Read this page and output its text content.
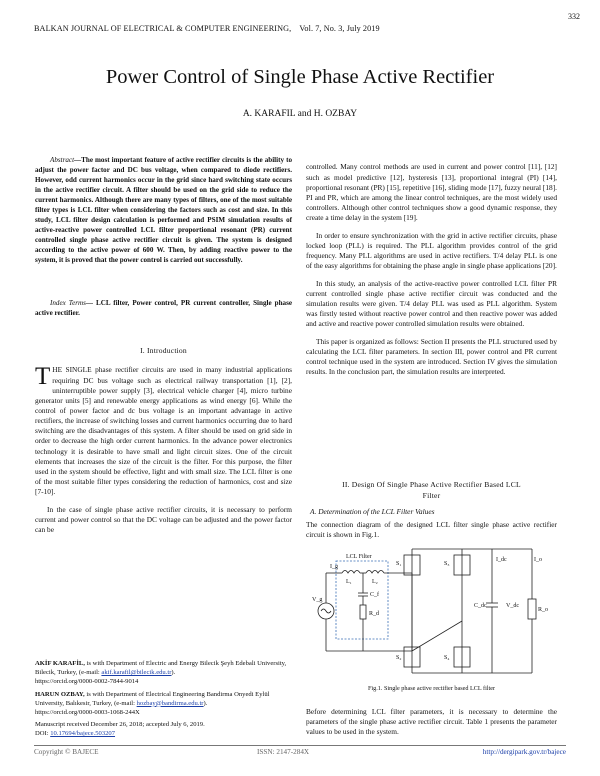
332
BALKAN JOURNAL OF ELECTRICAL & COMPUTER ENGINEERING, Vol. 7, No. 3, July 2019
Power Control of Single Phase Active Rectifier
A. KARAFIL and H. OZBAY
Abstract—The most important feature of active rectifier circuits is the ability to adjust the power factor and DC bus voltage, when compared to diode rectifiers. However, odd current harmonics occur in the grid since hard switching state occurs in the active rectifier circuit. A filter should be used on the grid side to reduce the current harmonics. Although there are many types of filters, one of the most suitable filter types is LCL filter when considering the factors such as cost and size. In this study, LCL filter design calculation is performed and PSIM simulation results of active-reactive power controlled LCL filter proportional resonant (PR) current controlled single phase active rectifier circuit is given. The system is designed according to the active power of 600 W. Then, by adding reactive power to the system, it is proved that the power control is carried out successfully.
Index Terms— LCL filter, Power control, PR current controller, Single phase active rectifier.
I. Introduction

THE SINGLE phase rectifier circuits are used in many industrial applications requiring DC bus voltage such as electrical railway transportation [1], [2], uninterruptible power supply [3], electrical vehicle charger [4], micro turbine generator units [5] and renewable energy applications as wind energy [6]. While the control of power factor and dc bus voltage is an important advantage in active rectifiers, the increase of switching losses and current harmonics occurring due to hard switching are the disadvantages of this system. A filter should be used on grid side in order to decrease the high order current harmonics. In the advance power electronics technology it is desirable to have small and light circuit sizes. One of the circuit elements that increases the size of the circuit is the filter. For this purpose, the filter used in the system should be effective, light and with small size. The LCL filter is one of the most suitable filter types considering the reduction of harmonics, cost and size [7-10].

In the case of single phase active rectifier circuits, it is necessary to perform current and power control so that the DC voltage can be adjusted and the power factor can be

AKİF KARAFİL, is with Department of Electric and Energy Bilecik Şeyh Edebali University, Bilecik, Turkey, (e-mail: akif.karafil@bilecik.edu.tr).
https://orcid.org/0000-0002-7844-9014
HARUN OZBAY, is with Department of Electrical Engineering Bandirma Onyedi Eylül University, Balıkesir, Turkey, (e-mail: hozbay@bandirma.edu.tr).
https://orcid.org/0000-0003-1068-244X
Manuscript received December 26, 2018; accepted July 6, 2019.
DOI: 10.17694/bajece.503207

controlled. Many control methods are used in current and power control [11], [12] such as model predictive [12], hysteresis [13], proportional integral (PI) [14], proportional resonant (PR) [15], repetitive [16], sliding mode [17], fuzzy neural [18]. PI and PR, which are among the linear control techniques, are the most widely used controllers. Although other control techniques show a good dynamic response, they create a time delay in the system [19].

In order to ensure synchronization with the grid in active rectifier circuits, phase locked loop (PLL) is required. The PLL algorithm provides control of the grid frequency. Many PLL algorithms are used in active rectifiers. T/4 delay PLL is one of the easy algorithms for obtaining the phase angle in single phase applications [20].

In this study, an analysis of the active-reactive power controlled LCL filter PR current controlled single phase active rectifier circuit was conducted and the simulation results were given. T/4 delay PLL was used as PLL algorithm. System was firstly tested without reactive power control and then reactive power was added and active and reactive power controlled simulation results were obtained.

This paper is organized as follows: Section II presents the PLL structured used by calculating the LCL filter parameters. In section III, power control and PR current control technique used in the system are introduced. Section IV gives the simulation results. In the conclusion part, the simulation results are interpreted.

II. Design Of Single Phase Active Rectifier Based LCL
Filter
A. Determination of the LCL Filter Values
The connection diagram of the designed LCL filter single phase active rectifier circuit is shown in Fig.1.
LCL Filter
I_g
L₁	L₂
C_f
R_d
V_g
S₁
S₂
S₃
S₄
I_dc
C_dc	V_dc
R_o
I_o
Fig.1. Single phase active rectifier based LCL filter
Before determining LCL filter parameters, it is necessary to determine the parameters of the single phase active rectifier circuit. Table 1 presents the parameter values to be used in the system.
Copyright © BAJECE	ISSN: 2147-284X	http://dergipark.gov.tr/bajece
